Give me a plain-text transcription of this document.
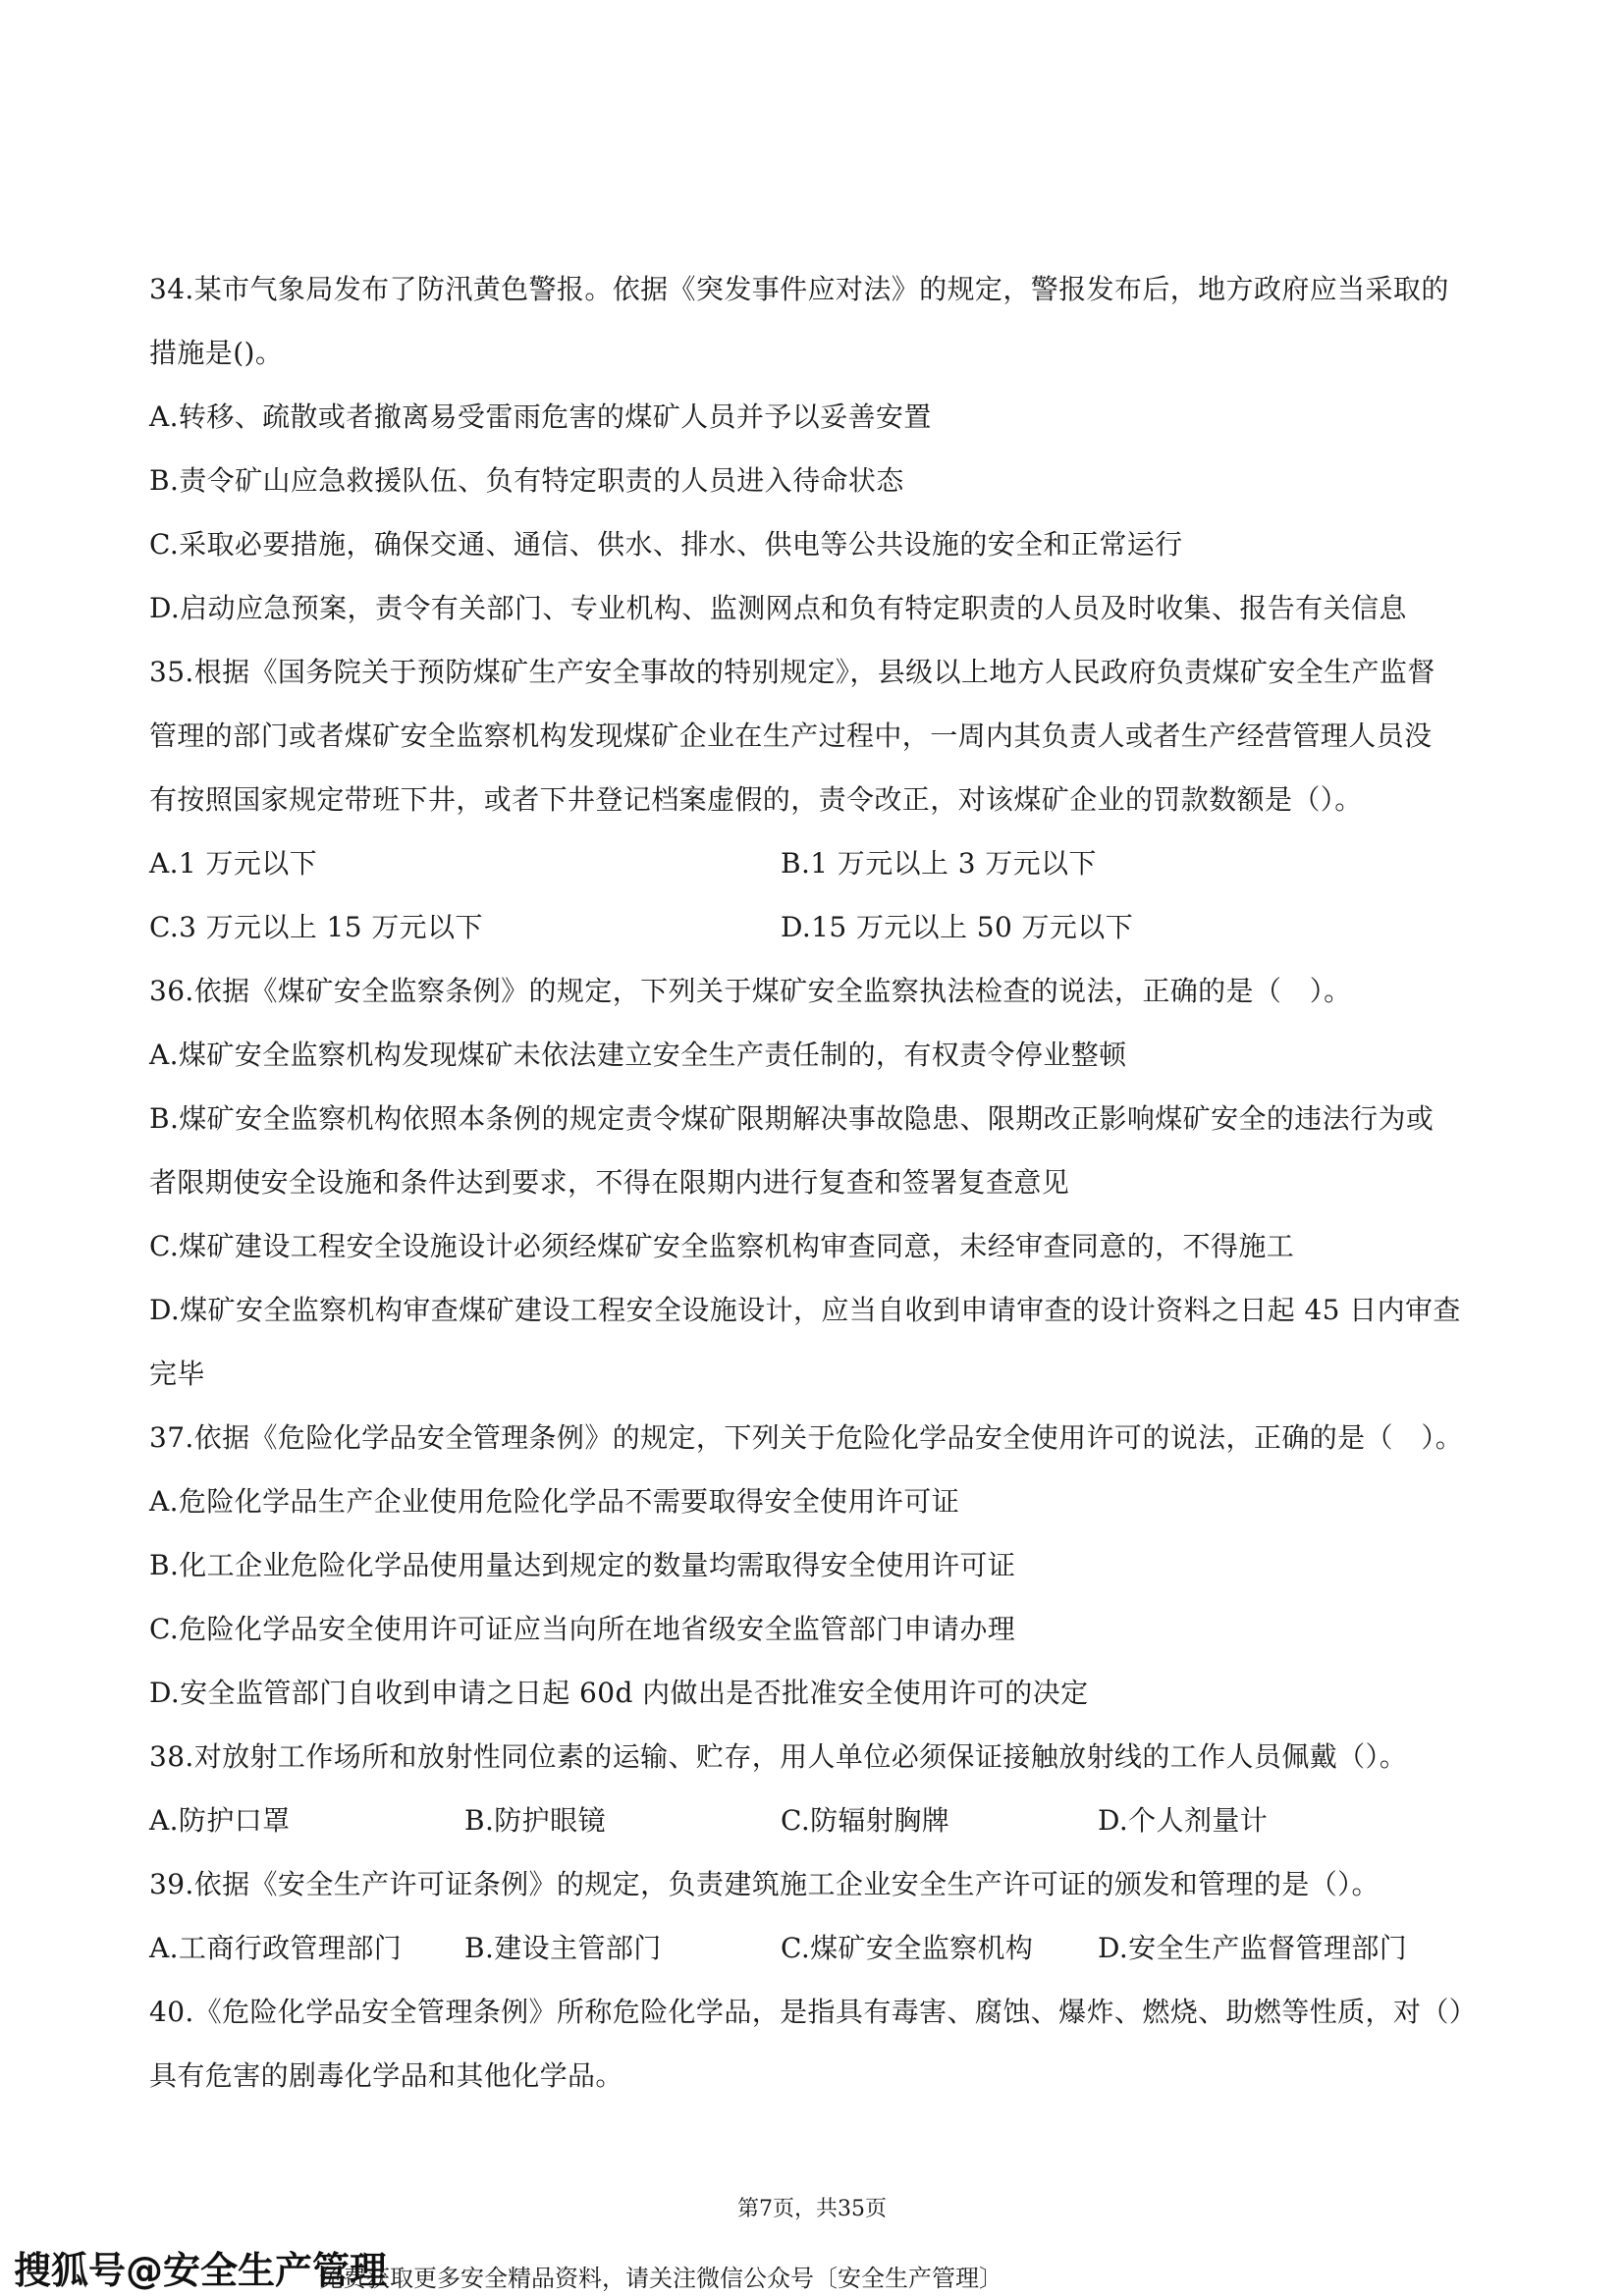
34.某市气象局发布了防汛黄色警报。依据《突发事件应对法》的规定，警报发布后，地方政府应当采取的
措施是()。
A.转移、疏散或者撤离易受雷雨危害的煤矿人员并予以妥善安置
B.责令矿山应急救援队伍、负有特定职责的人员进入待命状态
C.采取必要措施，确保交通、通信、供水、排水、供电等公共设施的安全和正常运行
D.启动应急预案，责令有关部门、专业机构、监测网点和负有特定职责的人员及时收集、报告有关信息
35.根据《国务院关于预防煤矿生产安全事故的特别规定》，县级以上地方人民政府负责煤矿安全生产监督
管理的部门或者煤矿安全监察机构发现煤矿企业在生产过程中，一周内其负责人或者生产经营管理人员没
有按照国家规定带班下井，或者下井登记档案虚假的，责令改正，对该煤矿企业的罚款数额是（）。
A.1 万元以下	B.1 万元以上 3 万元以下
C.3 万元以上 15 万元以下	D.15 万元以上 50 万元以下
36.依据《煤矿安全监察条例》的规定，下列关于煤矿安全监察执法检查的说法，正确的是（　）。
A.煤矿安全监察机构发现煤矿未依法建立安全生产责任制的，有权责令停业整顿
B.煤矿安全监察机构依照本条例的规定责令煤矿限期解决事故隐患、限期改正影响煤矿安全的违法行为或
者限期使安全设施和条件达到要求，不得在限期内进行复查和签署复查意见
C.煤矿建设工程安全设施设计必须经煤矿安全监察机构审查同意，未经审查同意的，不得施工
D.煤矿安全监察机构审查煤矿建设工程安全设施设计，应当自收到申请审查的设计资料之日起 45 日内审查
完毕
37.依据《危险化学品安全管理条例》的规定，下列关于危险化学品安全使用许可的说法，正确的是（　）。
A.危险化学品生产企业使用危险化学品不需要取得安全使用许可证
B.化工企业危险化学品使用量达到规定的数量均需取得安全使用许可证
C.危险化学品安全使用许可证应当向所在地省级安全监管部门申请办理
D.安全监管部门自收到申请之日起 60d 内做出是否批准安全使用许可的决定
38.对放射工作场所和放射性同位素的运输、贮存，用人单位必须保证接触放射线的工作人员佩戴（）。
A.防护口罩	B.防护眼镜	C.防辐射胸牌	D.个人剂量计
39.依据《安全生产许可证条例》的规定，负责建筑施工企业安全生产许可证的颁发和管理的是（）。
A.工商行政管理部门 B.建设主管部门	C.煤矿安全监察机构 D.安全生产监督管理部门
40.《危险化学品安全管理条例》所称危险化学品，是指具有毒害、腐蚀、爆炸、燃烧、助燃等性质，对（）
具有危害的剧毒化学品和其他化学品。
第7页，共35页
免费获取更多安全精品资料，请关注微信公众号〔安全生产管理〕
搜狐号@安全生产管理
